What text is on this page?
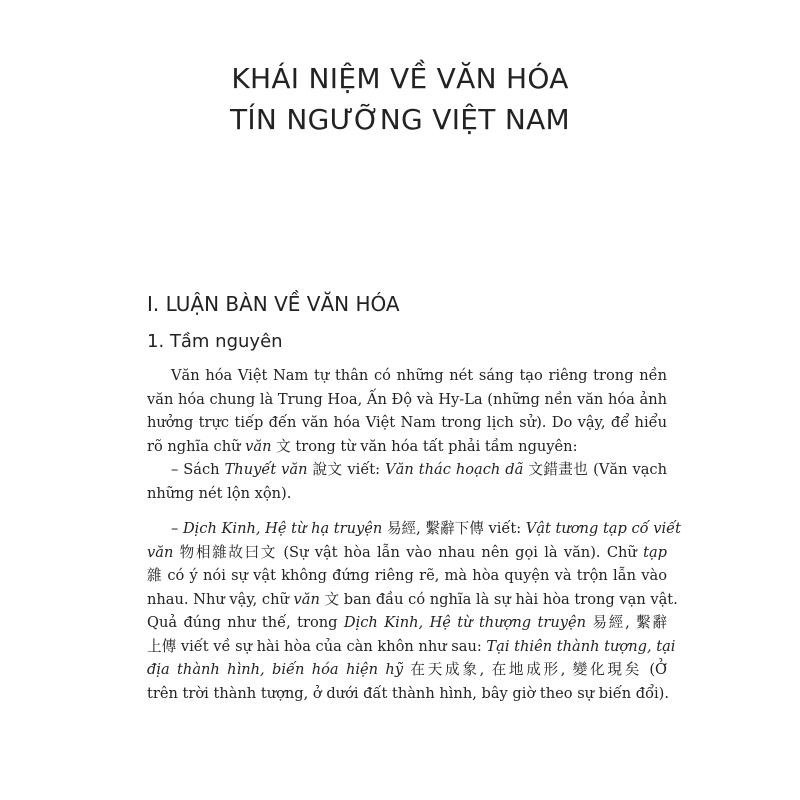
KHÁI NIỆM VỀ VĂN HÓA
TÍN NGƯỠNG VIỆT NAM
I. LUẬN BÀN VỀ VĂN HÓA
1. Tầm nguyên
Văn hóa Việt Nam tự thân có những nét sáng tạo riêng trong nền
văn hóa chung là Trung Hoa, Ấn Độ và Hy-La (những nền văn hóa ảnh
hưởng trực tiếp đến văn hóa Việt Nam trong lịch sử). Do vậy, để hiểu
rõ nghĩa chữ văn 文 trong từ văn hóa tất phải tầm nguyên:
– Sách Thuyết văn 說文 viết: Văn thác hoạch dã 文錯畫也 (Văn vạch
những nét lộn xộn).
– Dịch Kinh, Hệ từ hạ truyện 易經, 繫辭下傳 viết: Vật tương tạp cố viết
văn 物相雜故曰文 (Sự vật hòa lẫn vào nhau nên gọi là văn). Chữ tạp
雜 có ý nói sự vật không đứng riêng rẽ, mà hòa quyện và trộn lẫn vào
nhau. Như vậy, chữ văn 文 ban đầu có nghĩa là sự hài hòa trong vạn vật.
Quả đúng như thế, trong Dịch Kinh, Hệ từ thượng truyện 易經, 繫辭
上傳 viết về sự hài hòa của càn khôn như sau: Tại thiên thành tượng, tại
địa thành hình, biến hóa hiện hỹ 在天成象, 在地成形, 變化現矣 (Ở
trên trời thành tượng, ở dưới đất thành hình, bây giờ theo sự biến đổi).
